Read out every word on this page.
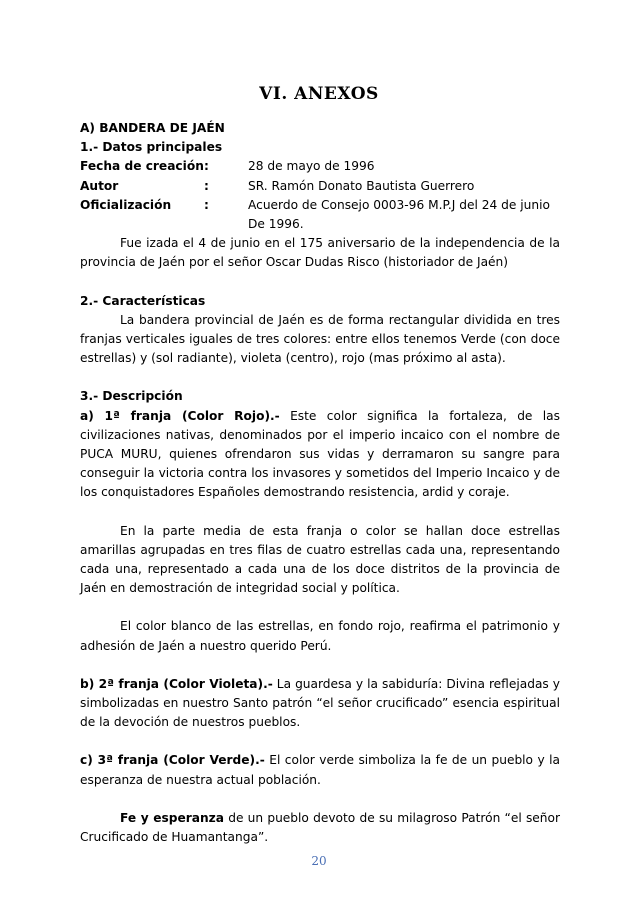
VI. ANEXOS

A) BANDERA DE JAÉN

1.- Datos principales

Fecha de creación :	28 de mayo de 1996
Autor	:	SR. Ramón Donato Bautista Guerrero
Oficialización	:	Acuerdo de Consejo 0003-96 M.P.J del 24 de junio
De 1996.

Fue izada el 4 de junio en el 175 aniversario de la independencia de la provincia de Jaén por el señor Oscar Dudas Risco (historiador de Jaén)

2.- Características

La bandera provincial de Jaén es de forma rectangular dividida en tres franjas verticales iguales de tres colores: entre ellos tenemos Verde (con doce estrellas) y (sol radiante), violeta (centro), rojo (mas próximo al asta).

3.- Descripción

a) 1ª franja (Color Rojo).- Este color significa la fortaleza, de las civilizaciones nativas, denominados por el imperio incaico con el nombre de PUCA MURU, quienes ofrendaron sus vidas y derramaron su sangre para conseguir la victoria contra los invasores y sometidos del Imperio Incaico y de los conquistadores Españoles demostrando resistencia, ardid y coraje.

En la parte media de esta franja o color se hallan doce estrellas amarillas agrupadas en tres filas de cuatro estrellas cada una, representando cada una, representado a cada una de los doce distritos de la provincia de Jaén en demostración de integridad social y política.

El color blanco de las estrellas, en fondo rojo, reafirma el patrimonio y adhesión de Jaén a nuestro querido Perú.

b) 2ª franja (Color Violeta).- La guardesa y la sabiduría: Divina reflejadas y simbolizadas en nuestro Santo patrón “el señor crucificado” esencia espiritual de la devoción de nuestros pueblos.

c) 3ª franja (Color Verde).- El color verde simboliza la fe de un pueblo y la esperanza de nuestra actual población.

Fe y esperanza de un pueblo devoto de su milagroso Patrón “el señor Crucificado de Huamantanga”.

20
